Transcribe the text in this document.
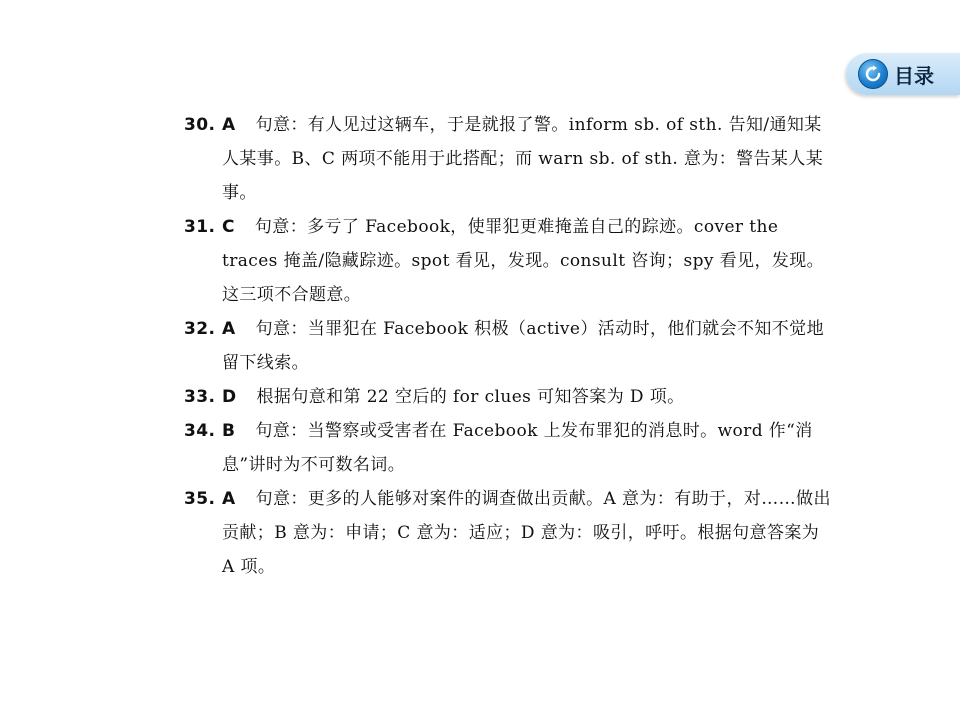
目录
30. A 句意：有人见过这辆车，于是就报了警。inform sb. of sth. 告知/通知某人某事。B、C 两项不能用于此搭配；而 warn sb. of sth. 意为：警告某人某事。
31. C 句意：多亏了 Facebook，使罪犯更难掩盖自己的踪迹。cover the traces 掩盖/隐藏踪迹。spot 看见，发现。consult 咨询；spy 看见，发现。这三项不合题意。
32. A 句意：当罪犯在 Facebook 积极（active）活动时，他们就会不知不觉地留下线索。
33. D 根据句意和第 22 空后的 for clues 可知答案为 D 项。
34. B 句意：当警察或受害者在 Facebook 上发布罪犯的消息时。word 作“消息”讲时为不可数名词。
35. A 句意：更多的人能够对案件的调查做出贡献。A 意为：有助于，对……做出贡献；B 意为：申请；C 意为：适应；D 意为：吸引，呼吁。根据句意答案为 A 项。
